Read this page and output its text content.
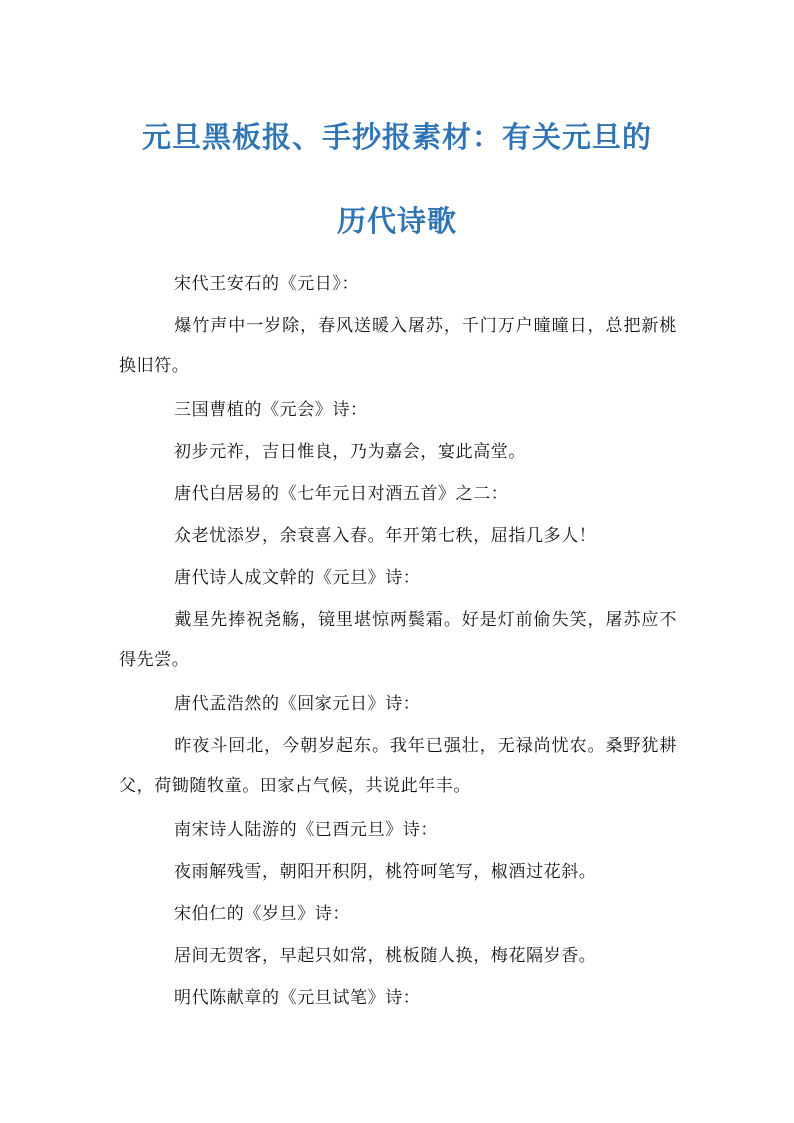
元旦黑板报、手抄报素材：有关元旦的
历代诗歌

宋代王安石的《元日》：

爆竹声中一岁除，春风送暖入屠苏，千门万户曈曈日，总把新桃换旧符。

三国曹植的《元会》诗：

初步元祚，吉日惟良，乃为嘉会，宴此高堂。

唐代白居易的《七年元日对酒五首》之二：

众老忧添岁，余衰喜入春。年开第七秩，屈指几多人！

唐代诗人成文幹的《元旦》诗：

戴星先捧祝尧觞，镜里堪惊两鬓霜。好是灯前偷失笑，屠苏应不得先尝。

唐代孟浩然的《回家元日》诗：

昨夜斗回北，今朝岁起东。我年已强壮，无禄尚忧农。桑野犹耕父，荷锄随牧童。田家占气候，共说此年丰。

南宋诗人陆游的《已酉元旦》诗：

夜雨解残雪，朝阳开积阴，桃符呵笔写，椒酒过花斜。

宋伯仁的《岁旦》诗：

居间无贺客，早起只如常，桃板随人换，梅花隔岁香。

明代陈献章的《元旦试笔》诗：
